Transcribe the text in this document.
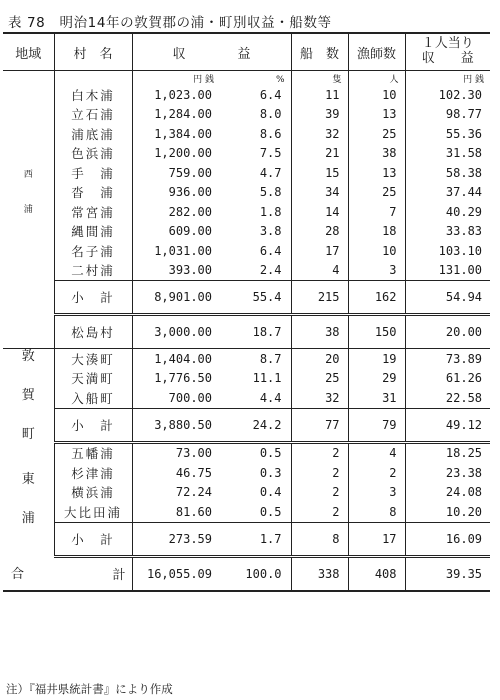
表 78　明治14年の敦賀郡の浦・町別収益・船数等
地域	村　名	収　　　　益		船　数	漁師数	１人当り
収　　益

西
浦		円 銭	%	隻	人	円 銭
	白木浦	1,023.00	6.4	11	10	102.30
	立石浦	1,284.00	8.0	39	13	98.77
	浦底浦	1,384.00	8.6	32	25	55.36
	色浜浦	1,200.00	7.5	21	38	31.58
	手　浦	759.00	4.7	15	13	58.38
	沓　浦	936.00	5.8	34	25	37.44
	常宮浦	282.00	1.8	14	7	40.29
	縄間浦	609.00	3.8	28	18	33.83
	名子浦	1,031.00	6.4	17	10	103.10
	二村浦	393.00	2.4	4	3	131.00
	小　計	8,901.00	55.4	215	162	54.94
	松島村	3,000.00	18.7	38	150	20.00

敦
賀
町	大湊町	1,404.00	8.7	20	19	73.89
	天満町	1,776.50	11.1	25	29	61.26
	入船町	700.00	4.4	32	31	22.58
	小　計	3,880.50	24.2	77	79	49.12

東
浦	五幡浦	73.00	0.5	2	4	18.25
	杉津浦	46.75	0.3	2	2	23.38
	横浜浦	72.24	0.4	2	3	24.08
	大比田浦	81.60	0.5	2	8	10.20
	小　計	273.59	1.7	8	17	16.09
合	計	16,055.09	100.0	338	408	39.35
注）『福井県統計書』により作成
